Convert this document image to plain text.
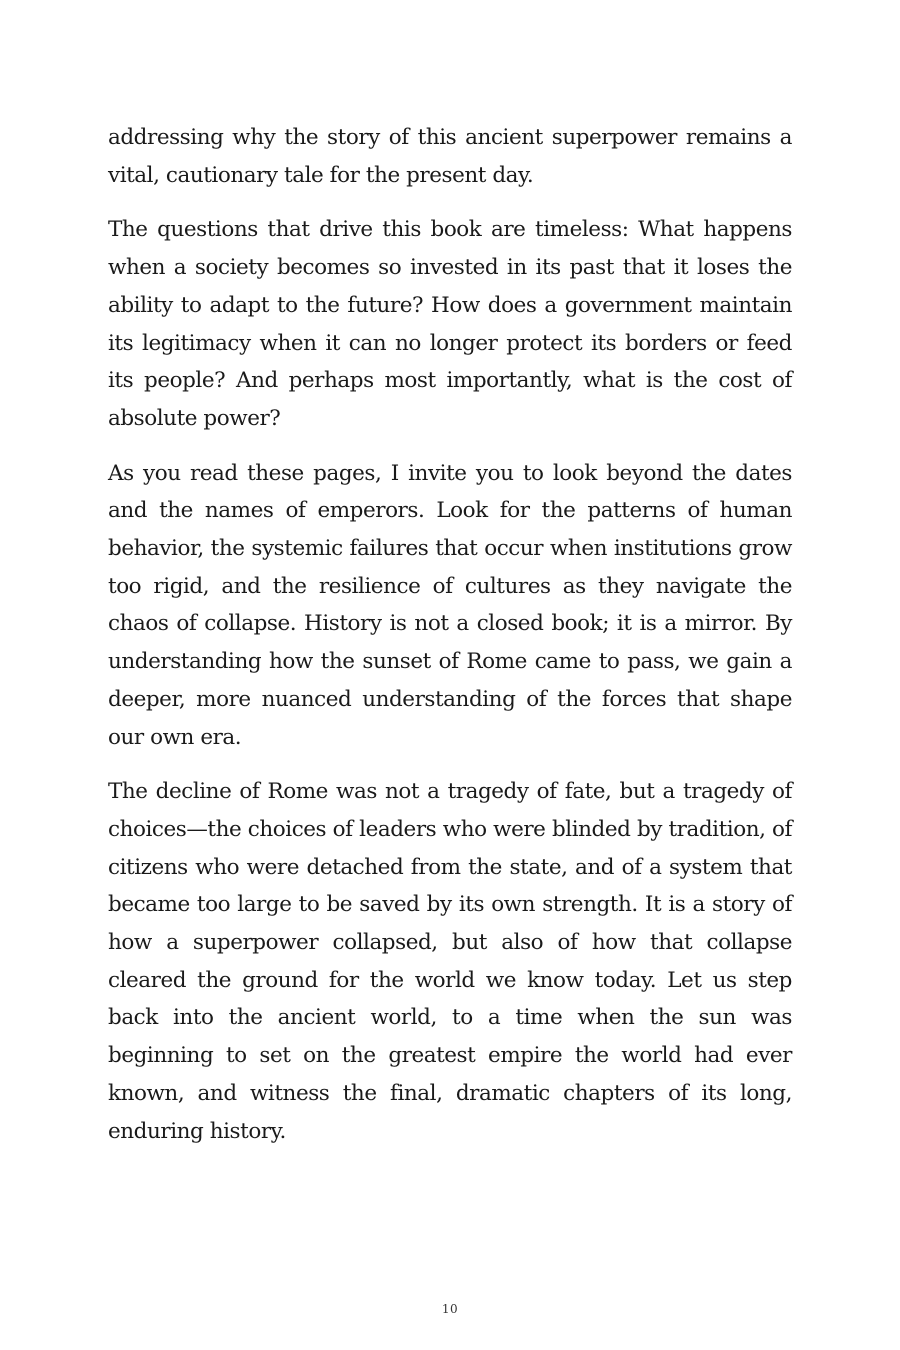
addressing why the story of this ancient superpower remains a vital, cautionary tale for the present day.

The questions that drive this book are timeless: What happens when a society becomes so invested in its past that it loses the ability to adapt to the future? How does a government maintain its legitimacy when it can no longer protect its borders or feed its people? And perhaps most importantly, what is the cost of absolute power?

As you read these pages, I invite you to look beyond the dates and the names of emperors. Look for the patterns of human behavior, the systemic failures that occur when institutions grow too rigid, and the resilience of cultures as they navigate the chaos of collapse. History is not a closed book; it is a mirror. By understanding how the sunset of Rome came to pass, we gain a deeper, more nuanced understanding of the forces that shape our own era.

The decline of Rome was not a tragedy of fate, but a tragedy of choices—the choices of leaders who were blinded by tradition, of citizens who were detached from the state, and of a system that became too large to be saved by its own strength. It is a story of how a superpower collapsed, but also of how that collapse cleared the ground for the world we know today. Let us step back into the ancient world, to a time when the sun was beginning to set on the greatest empire the world had ever known, and witness the final, dramatic chapters of its long, enduring history.

10
